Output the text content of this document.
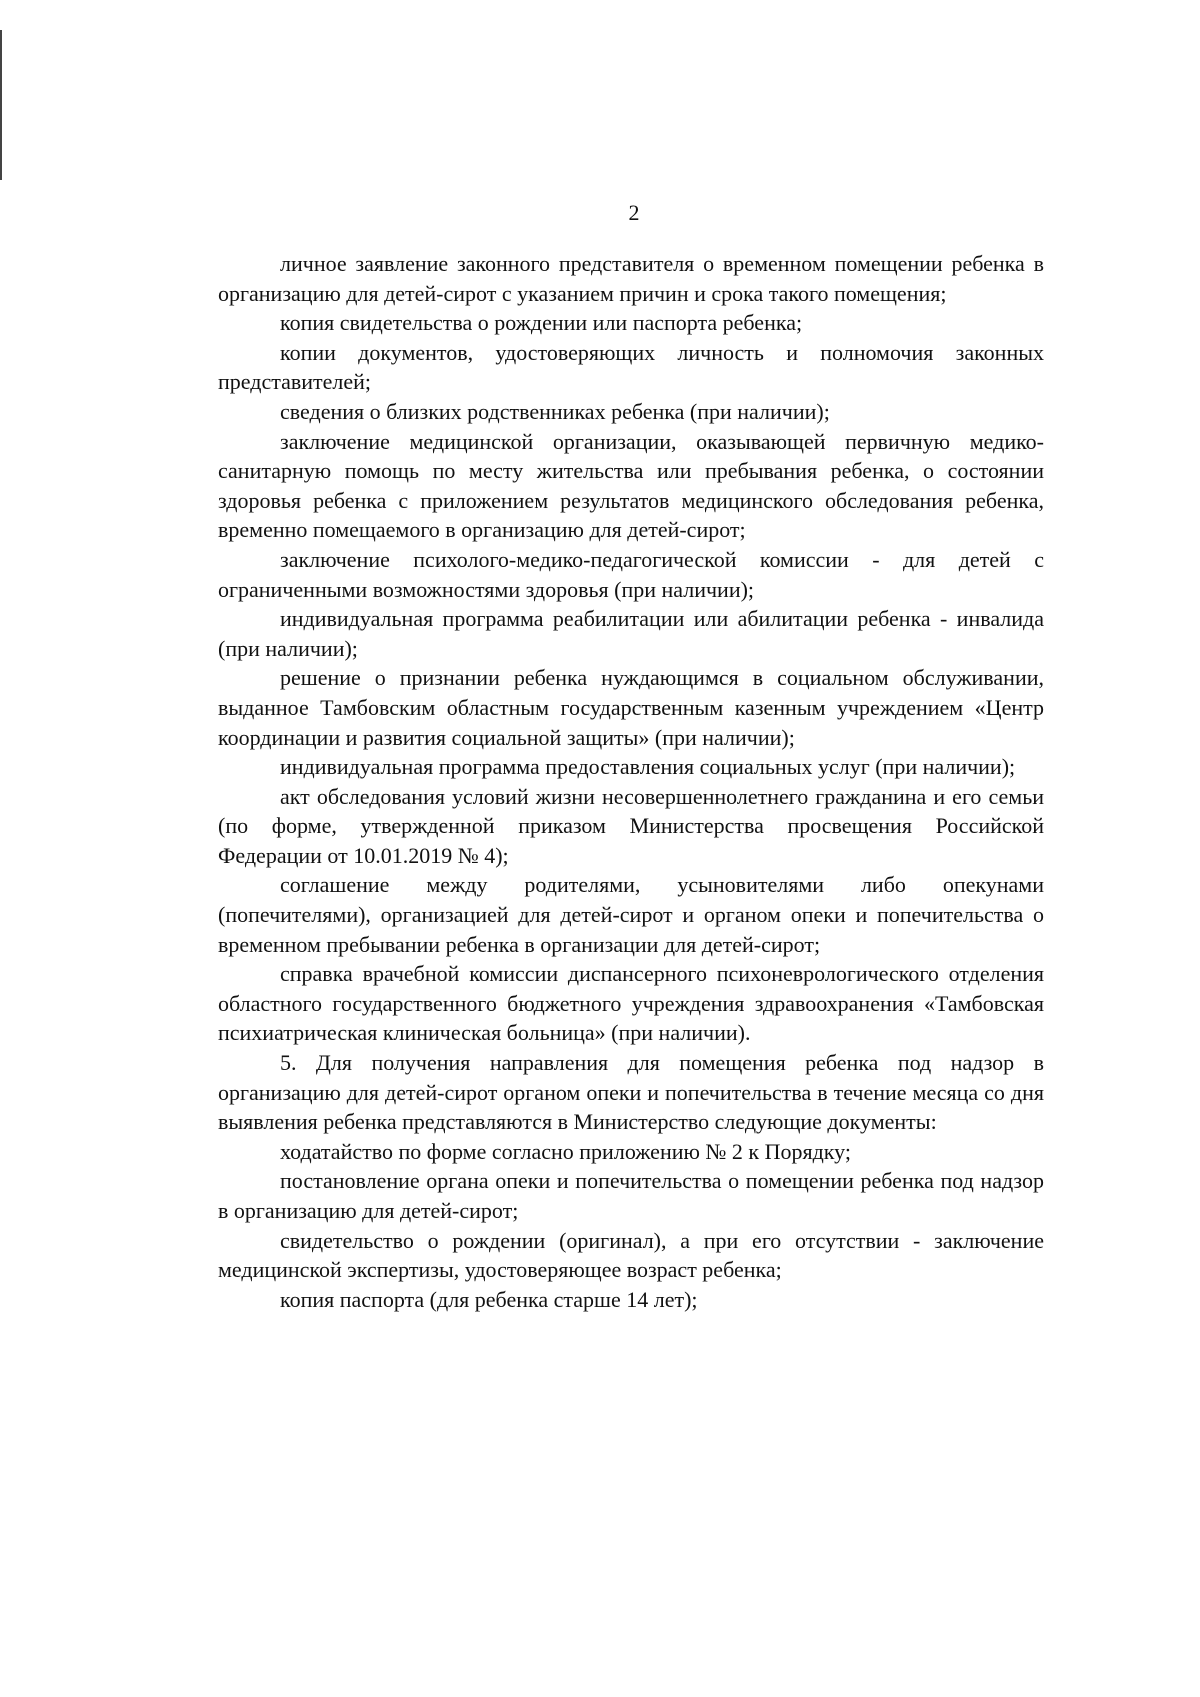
2

личное заявление законного представителя о временном помещении ребенка в организацию для детей-сирот с указанием причин и срока такого помещения;

копия свидетельства о рождении или паспорта ребенка;

копии документов, удостоверяющих личность и полномочия законных представителей;

сведения о близких родственниках ребенка (при наличии);

заключение медицинской организации, оказывающей первичную медико-санитарную помощь по месту жительства или пребывания ребенка, о состоянии здоровья ребенка с приложением результатов медицинского обследования ребенка, временно помещаемого в организацию для детей-сирот;

заключение психолого-медико-педагогической комиссии - для детей с ограниченными возможностями здоровья (при наличии);

индивидуальная программа реабилитации или абилитации ребенка - инвалида (при наличии);

решение о признании ребенка нуждающимся в социальном обслуживании, выданное Тамбовским областным государственным казенным учреждением «Центр координации и развития социальной защиты» (при наличии);

индивидуальная программа предоставления социальных услуг (при наличии);

акт обследования условий жизни несовершеннолетнего гражданина и его семьи (по форме, утвержденной приказом Министерства просвещения Российской Федерации от 10.01.2019 № 4);

соглашение между родителями, усыновителями либо опекунами (попечителями), организацией для детей-сирот и органом опеки и попечительства о временном пребывании ребенка в организации для детей-сирот;

справка врачебной комиссии диспансерного психоневрологического отделения областного государственного бюджетного учреждения здравоохранения «Тамбовская психиатрическая клиническая больница» (при наличии).

5. Для получения направления для помещения ребенка под надзор в организацию для детей-сирот органом опеки и попечительства в течение месяца со дня выявления ребенка представляются в Министерство следующие документы:

ходатайство по форме согласно приложению № 2 к Порядку;

постановление органа опеки и попечительства о помещении ребенка под надзор в организацию для детей-сирот;

свидетельство о рождении (оригинал), а при его отсутствии - заключение медицинской экспертизы, удостоверяющее возраст ребенка;

копия паспорта (для ребенка старше 14 лет);
